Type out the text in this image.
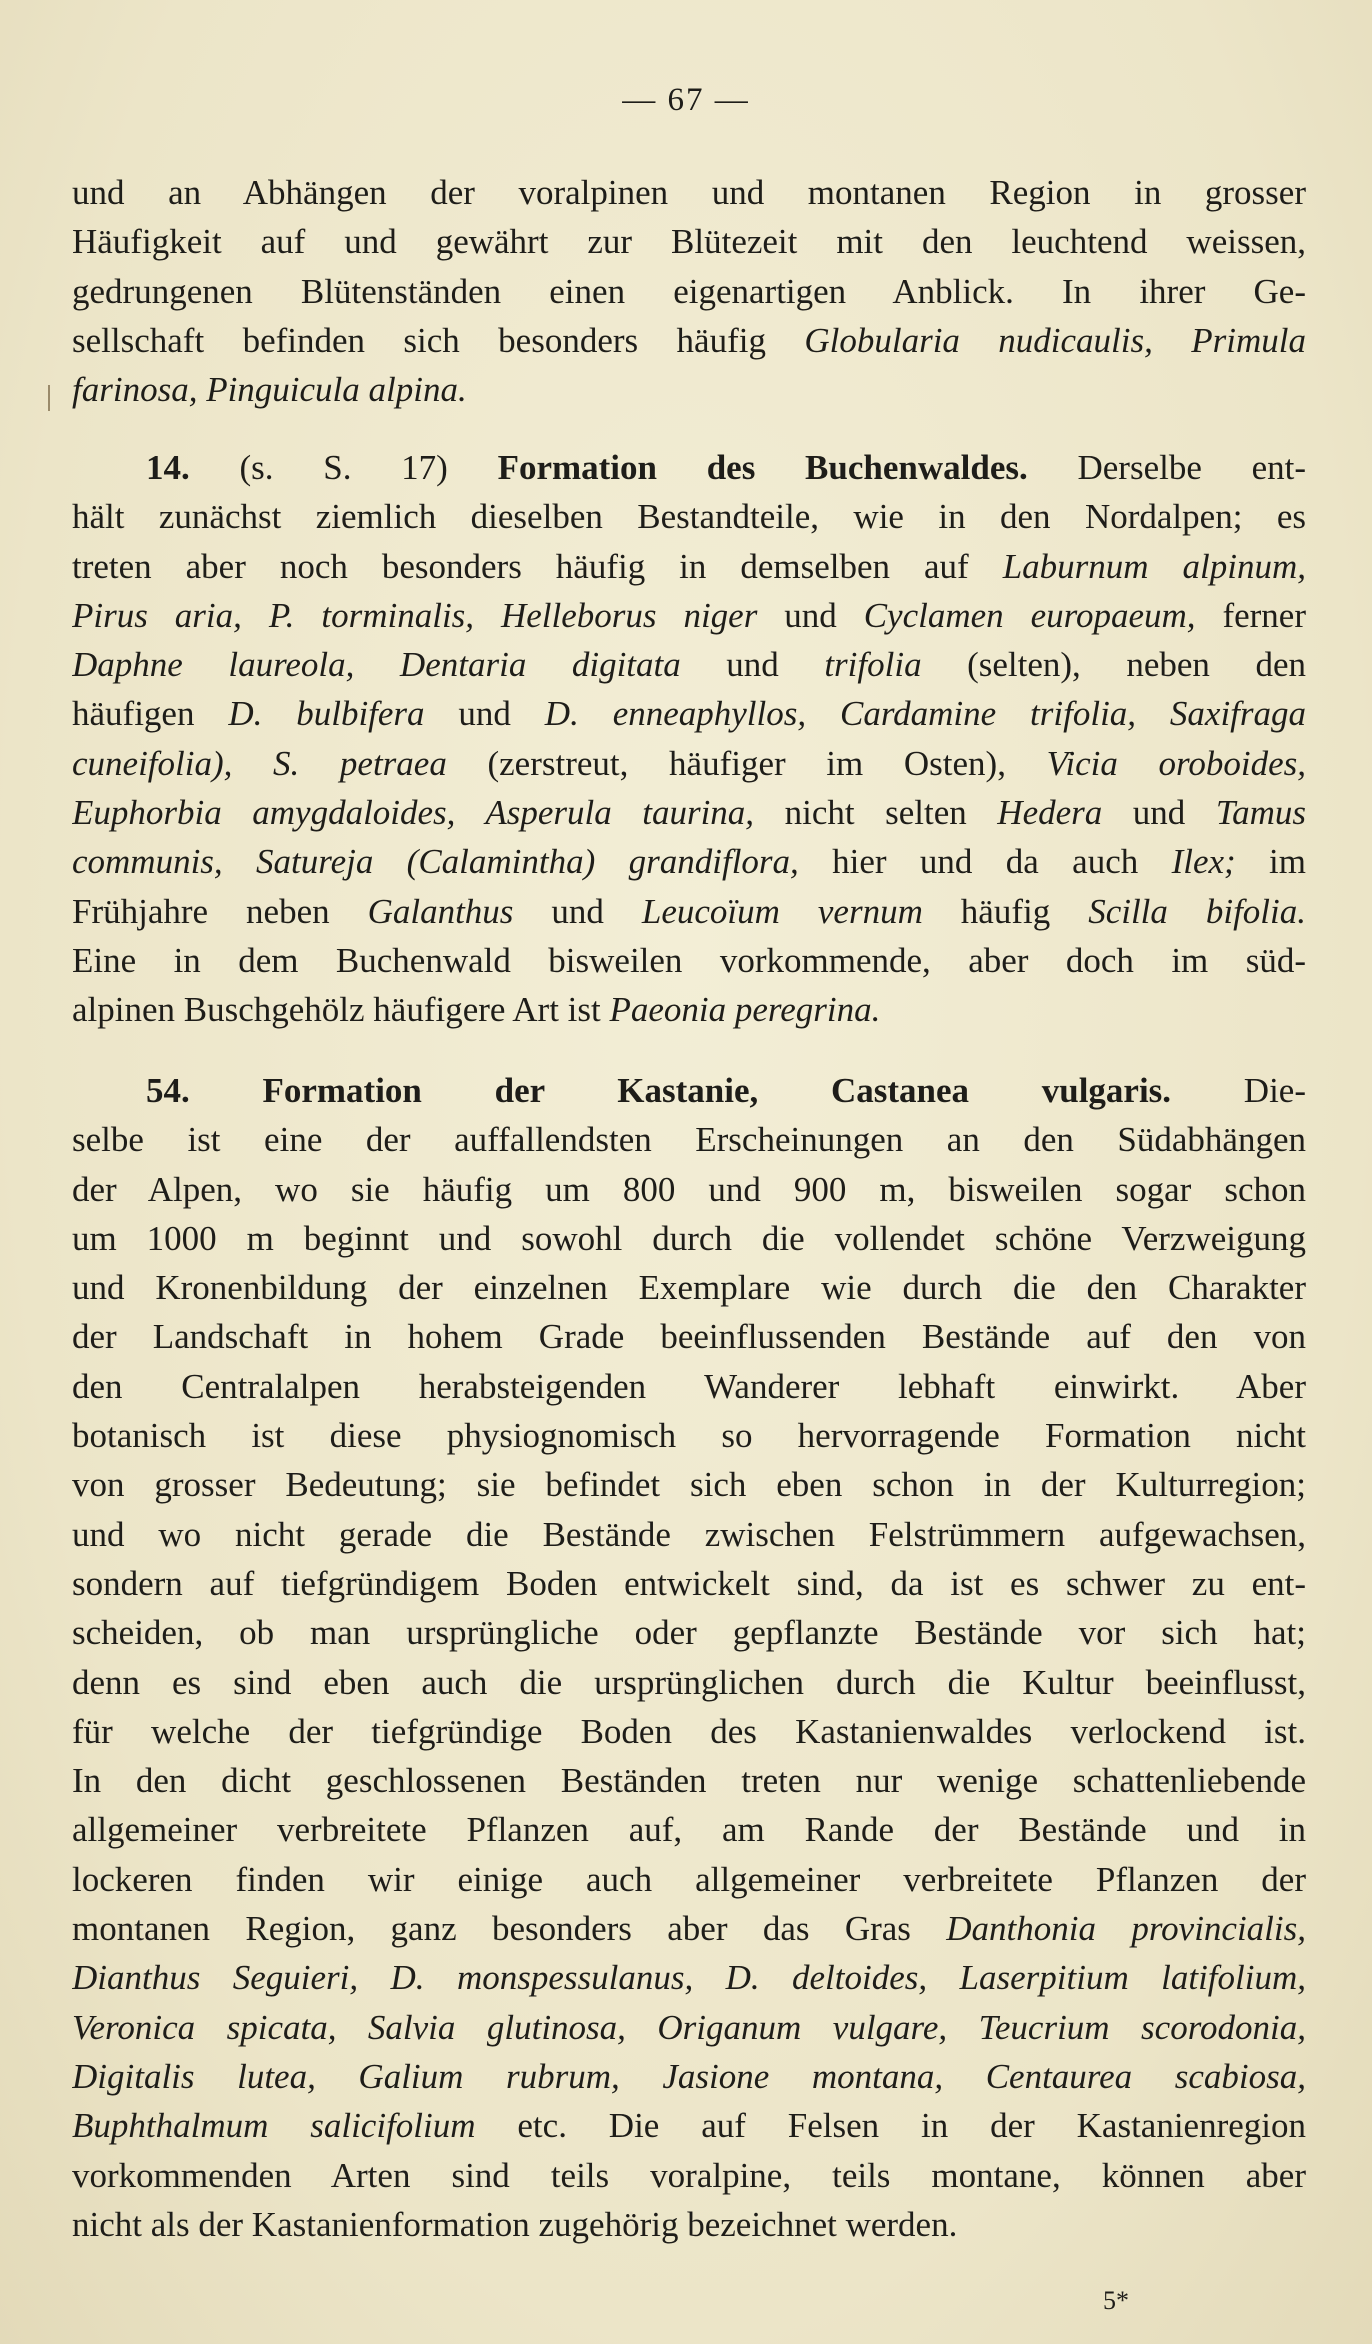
— 67 —
und an Abhängen der voralpinen und montanen Region in grosser
Häufigkeit auf und gewährt zur Blütezeit mit den leuchtend weissen,
gedrungenen Blütenständen einen eigenartigen Anblick. In ihrer Ge-
sellschaft befinden sich besonders häufig Globularia nudicaulis, Primula
farinosa, Pinguicula alpina.
14. (s. S. 17) Formation des Buchenwaldes. Derselbe ent-
hält zunächst ziemlich dieselben Bestandteile, wie in den Nordalpen; es
treten aber noch besonders häufig in demselben auf Laburnum alpinum,
Pirus aria, P. torminalis, Helleborus niger und Cyclamen europaeum, ferner
Daphne laureola, Dentaria digitata und trifolia (selten), neben den
häufigen D. bulbifera und D. enneaphyllos, Cardamine trifolia, Saxifraga
cuneifolia), S. petraea (zerstreut, häufiger im Osten), Vicia oroboides,
Euphorbia amygdaloides, Asperula taurina, nicht selten Hedera und Tamus
communis, Satureja (Calamintha) grandiflora, hier und da auch Ilex; im
Frühjahre neben Galanthus und Leucoïum vernum häufig Scilla bifolia.
Eine in dem Buchenwald bisweilen vorkommende, aber doch im süd-
alpinen Buschgehölz häufigere Art ist Paeonia peregrina.
54. Formation der Kastanie, Castanea vulgaris. Die-
selbe ist eine der auffallendsten Erscheinungen an den Südabhängen
der Alpen, wo sie häufig um 800 und 900 m, bisweilen sogar schon
um 1000 m beginnt und sowohl durch die vollendet schöne Verzweigung
und Kronenbildung der einzelnen Exemplare wie durch die den Charakter
der Landschaft in hohem Grade beeinflussenden Bestände auf den von
den Centralalpen herabsteigenden Wanderer lebhaft einwirkt. Aber
botanisch ist diese physiognomisch so hervorragende Formation nicht
von grosser Bedeutung; sie befindet sich eben schon in der Kulturregion;
und wo nicht gerade die Bestände zwischen Felstrümmern aufgewachsen,
sondern auf tiefgründigem Boden entwickelt sind, da ist es schwer zu ent-
scheiden, ob man ursprüngliche oder gepflanzte Bestände vor sich hat;
denn es sind eben auch die ursprünglichen durch die Kultur beeinflusst,
für welche der tiefgründige Boden des Kastanienwaldes verlockend ist.
In den dicht geschlossenen Beständen treten nur wenige schattenliebende
allgemeiner verbreitete Pflanzen auf, am Rande der Bestände und in
lockeren finden wir einige auch allgemeiner verbreitete Pflanzen der
montanen Region, ganz besonders aber das Gras Danthonia provincialis,
Dianthus Seguieri, D. monspessulanus, D. deltoides, Laserpitium latifolium,
Veronica spicata, Salvia glutinosa, Origanum vulgare, Teucrium scorodonia,
Digitalis lutea, Galium rubrum, Jasione montana, Centaurea scabiosa,
Buphthalmum salicifolium etc. Die auf Felsen in der Kastanienregion
vorkommenden Arten sind teils voralpine, teils montane, können aber
nicht als der Kastanienformation zugehörig bezeichnet werden.
5*
